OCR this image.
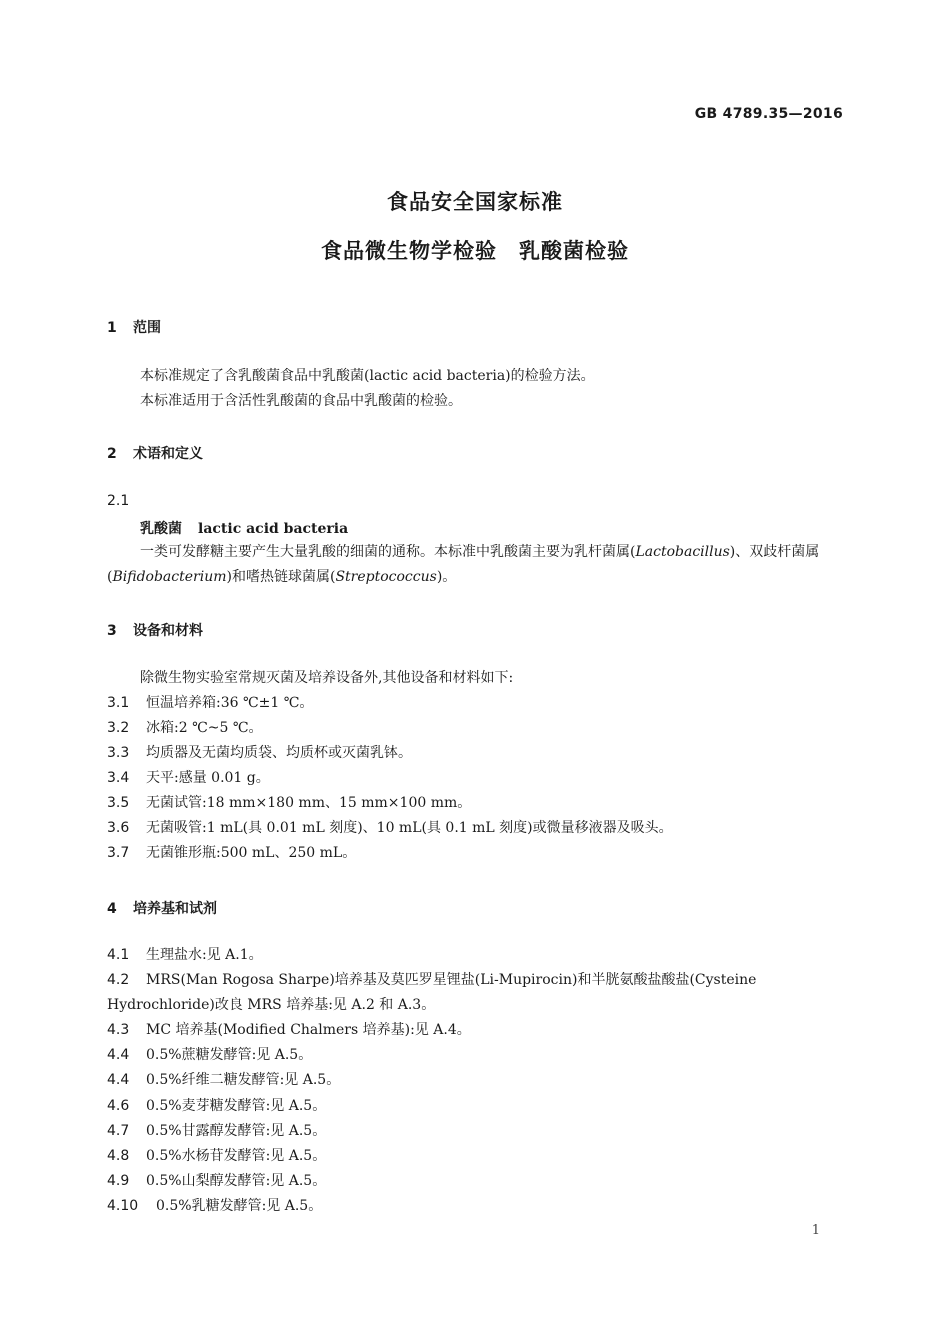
GB 4789.35—2016
食品安全国家标准
食品微生物学检验 乳酸菌检验
1 范围
本标准规定了含乳酸菌食品中乳酸菌(lactic acid bacteria)的检验方法。
本标准适用于含活性乳酸菌的食品中乳酸菌的检验。
2 术语和定义
2.1
乳酸菌 lactic acid bacteria
一类可发酵糖主要产生大量乳酸的细菌的通称。本标准中乳酸菌主要为乳杆菌属(Lactobacillus)、双歧杆菌属(Bifidobacterium)和嗜热链球菌属(Streptococcus)。
3 设备和材料
除微生物实验室常规灭菌及培养设备外,其他设备和材料如下:
3.1 恒温培养箱:36 ℃±1 ℃。
3.2 冰箱:2 ℃~5 ℃。
3.3 均质器及无菌均质袋、均质杯或灭菌乳钵。
3.4 天平:感量 0.01 g。
3.5 无菌试管:18 mm×180 mm、15 mm×100 mm。
3.6 无菌吸管:1 mL(具 0.01 mL 刻度)、10 mL(具 0.1 mL 刻度)或微量移液器及吸头。
3.7 无菌锥形瓶:500 mL、250 mL。
4 培养基和试剂
4.1 生理盐水:见 A.1。
4.2 MRS(Man Rogosa Sharpe)培养基及莫匹罗星锂盐(Li-Mupirocin)和半胱氨酸盐酸盐(Cysteine
Hydrochloride)改良 MRS 培养基:见 A.2 和 A.3。
4.3 MC 培养基(Modified Chalmers 培养基):见 A.4。
4.4 0.5%蔗糖发酵管:见 A.5。
4.4 0.5%纤维二糖发酵管:见 A.5。
4.6 0.5%麦芽糖发酵管:见 A.5。
4.7 0.5%甘露醇发酵管:见 A.5。
4.8 0.5%水杨苷发酵管:见 A.5。
4.9 0.5%山梨醇发酵管:见 A.5。
4.10 0.5%乳糖发酵管:见 A.5。
1
